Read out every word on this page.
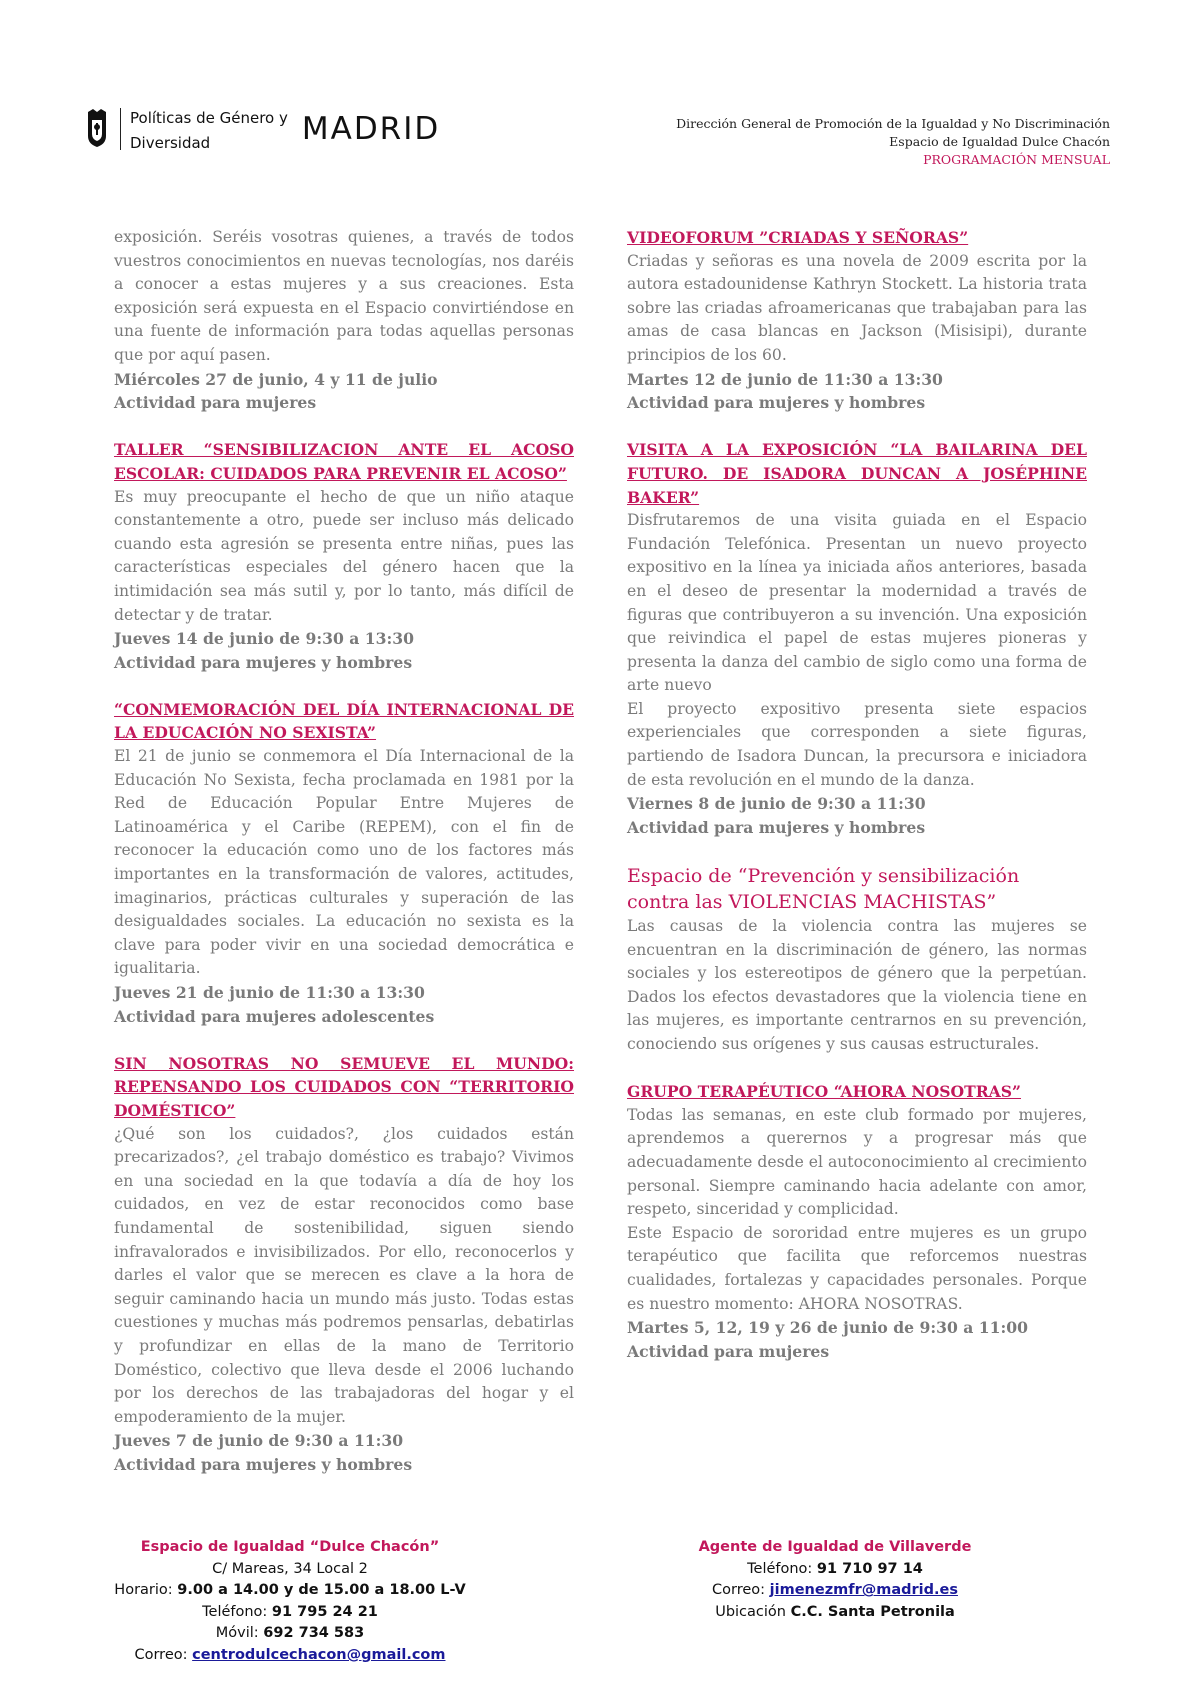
Políticas de Género y
Diversidad	MADRID	Dirección General de Promoción de la Igualdad y No Discriminación
Espacio de Igualdad Dulce Chacón
PROGRAMACIÓN MENSUAL

exposición. Seréis vosotras quienes, a través de todos vuestros conocimientos en nuevas tecnologías, nos daréis a conocer a estas mujeres y a sus creaciones. Esta exposición será expuesta en el Espacio convirtiéndose en una fuente de información para todas aquellas personas que por aquí pasen.

Miércoles 27 de junio, 4 y 11 de julio

Actividad para mujeres

TALLER “SENSIBILIZACION ANTE EL ACOSO ESCOLAR: CUIDADOS PARA PREVENIR EL ACOSO”

Es muy preocupante el hecho de que un niño ataque constantemente a otro, puede ser incluso más delicado cuando esta agresión se presenta entre niñas, pues las características especiales del género hacen que la intimidación sea más sutil y, por lo tanto, más difícil de detectar y de tratar.

Jueves 14 de junio de 9:30 a 13:30

Actividad para mujeres y hombres

“CONMEMORACIÓN DEL DÍA INTERNACIONAL DE LA EDUCACIÓN NO SEXISTA”

El 21 de junio se conmemora el Día Internacional de la Educación No Sexista, fecha proclamada en 1981 por la Red de Educación Popular Entre Mujeres de Latinoamérica y el Caribe (REPEM), con el fin de reconocer la educación como uno de los factores más importantes en la transformación de valores, actitudes, imaginarios, prácticas culturales y superación de las desigualdades sociales. La educación no sexista es la clave para poder vivir en una sociedad democrática e igualitaria.

Jueves 21 de junio de 11:30 a 13:30

Actividad para mujeres adolescentes

SIN NOSOTRAS NO SEMUEVE EL MUNDO: REPENSANDO LOS CUIDADOS CON “TERRITORIO DOMÉSTICO”

¿Qué son los cuidados?, ¿los cuidados están precarizados?, ¿el trabajo doméstico es trabajo? Vivimos en una sociedad en la que todavía a día de hoy los cuidados, en vez de estar reconocidos como base fundamental de sostenibilidad, siguen siendo infravalorados e invisibilizados. Por ello, reconocerlos y darles el valor que se merecen es clave a la hora de seguir caminando hacia un mundo más justo. Todas estas cuestiones y muchas más podremos pensarlas, debatirlas y profundizar en ellas de la mano de Territorio Doméstico, colectivo que lleva desde el 2006 luchando por los derechos de las trabajadoras del hogar y el empoderamiento de la mujer.

Jueves 7 de junio de 9:30 a 11:30

Actividad para mujeres y hombres

VIDEOFORUM ”CRIADAS Y SEÑORAS”

Criadas y señoras es una novela de 2009 escrita por la autora estadounidense Kathryn Stockett. La historia trata sobre las criadas afroamericanas que trabajaban para las amas de casa blancas en Jackson (Misisipi), durante principios de los 60.

Martes 12 de junio de 11:30 a 13:30

Actividad para mujeres y hombres

VISITA A LA EXPOSICIÓN “LA BAILARINA DEL FUTURO. DE ISADORA DUNCAN A JOSÉPHINE BAKER”

Disfrutaremos de una visita guiada en el Espacio Fundación Telefónica. Presentan un nuevo proyecto expositivo en la línea ya iniciada años anteriores, basada en el deseo de presentar la modernidad a través de figuras que contribuyeron a su invención. Una exposición que reivindica el papel de estas mujeres pioneras y presenta la danza del cambio de siglo como una forma de arte nuevo

El proyecto expositivo presenta siete espacios experienciales que corresponden a siete figuras, partiendo de Isadora Duncan, la precursora e iniciadora de esta revolución en el mundo de la danza.

Viernes 8 de junio de 9:30 a 11:30

Actividad para mujeres y hombres

Espacio de “Prevención y sensibilización contra las VIOLENCIAS MACHISTAS”

Las causas de la violencia contra las mujeres se encuentran en la discriminación de género, las normas sociales y los estereotipos de género que la perpetúan. Dados los efectos devastadores que la violencia tiene en las mujeres, es importante centrarnos en su prevención, conociendo sus orígenes y sus causas estructurales.

GRUPO TERAPÉUTICO “AHORA NOSOTRAS”

Todas las semanas, en este club formado por mujeres, aprendemos a querernos y a progresar más que adecuadamente desde el autoconocimiento al crecimiento personal. Siempre caminando hacia adelante con amor, respeto, sinceridad y complicidad.

Este Espacio de sororidad entre mujeres es un grupo terapéutico que facilita que reforcemos nuestras cualidades, fortalezas y capacidades personales. Porque es nuestro momento: AHORA NOSOTRAS.

Martes 5, 12, 19 y 26 de junio de 9:30 a 11:00

Actividad para mujeres

Espacio de Igualdad “Dulce Chacón”
C/ Mareas, 34 Local 2
Horario: 9.00 a 14.00 y de 15.00 a 18.00 L-V
Teléfono: 91 795 24 21
Móvil: 692 734 583
Correo: centrodulcechacon@gmail.com
Agente de Igualdad de Villaverde
Teléfono: 91 710 97 14
Correo: jimenezmfr@madrid.es
Ubicación C.C. Santa Petronila
